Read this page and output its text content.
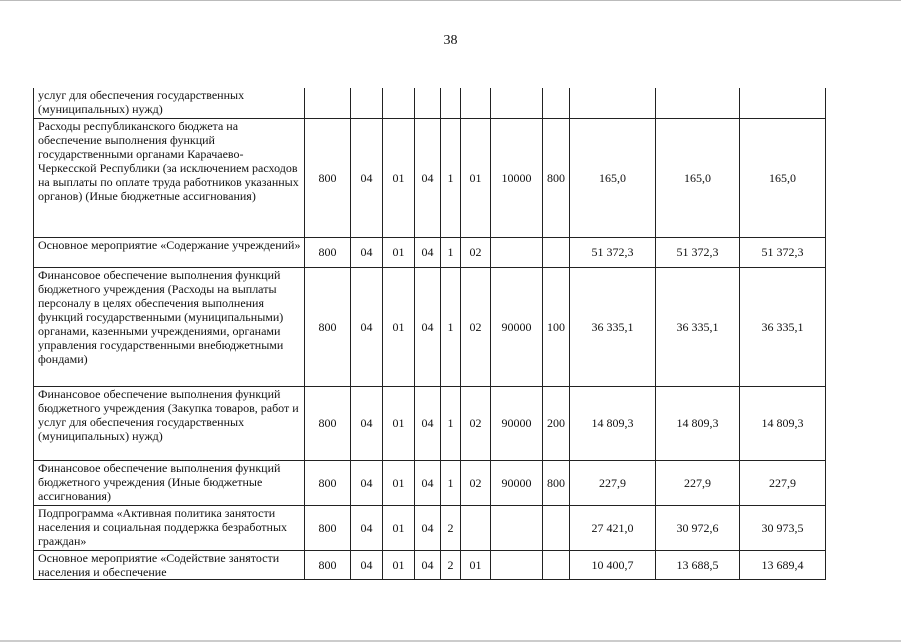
38
услуг для обеспечения государственных (муниципальных) нужд)											
Расходы республиканского бюджета на обеспечение выполнения функций государственными органами Карачаево-Черкесской Республики (за исключением расходов на выплаты по оплате труда работников указанных органов) (Иные бюджетные ассигнования)	800	04	01	04	1	01	10000	800	165,0	165,0	165,0
Основное мероприятие «Содержание учреждений»	800	04	01	04	1	02			51 372,3	51 372,3	51 372,3
Финансовое обеспечение выполнения функций бюджетного учреждения (Расходы на выплаты персоналу в целях обеспечения выполнения функций государственными (муниципальными) органами, казенными учреждениями, органами управления государственными внебюджетными фондами)	800	04	01	04	1	02	90000	100	36 335,1	36 335,1	36 335,1
Финансовое обеспечение выполнения функций бюджетного учреждения (Закупка товаров, работ и услуг для обеспечения государственных (муниципальных) нужд)	800	04	01	04	1	02	90000	200	14 809,3	14 809,3	14 809,3
Финансовое обеспечение выполнения функций бюджетного учреждения (Иные бюджетные ассигнования)	800	04	01	04	1	02	90000	800	227,9	227,9	227,9
Подпрограмма «Активная политика занятости населения и социальная поддержка безработных граждан»	800	04	01	04	2				27 421,0	30 972,6	30 973,5
Основное мероприятие «Содействие занятости населения и обеспечение	800	04	01	04	2	01			10 400,7	13 688,5	13 689,4
